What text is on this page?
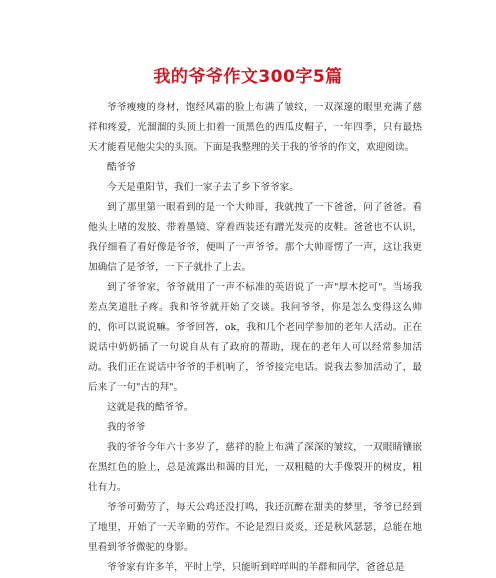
我的爷爷作文300字5篇

爷爷瘦瘦的身材，饱经风霜的脸上布满了皱纹，一双深邃的眼里充满了慈祥和疼爱，光溜溜的头顶上扣着一顶黑色的西瓜皮帽子，一年四季，只有最热天才能看见他尖尖的头顶。下面是我整理的关于我的爷爷的作文，欢迎阅读。

酷爷爷

今天是重阳节，我们一家子去了乡下爷爷家。

到了那里第一眼看到的是一个大帅哥，我就拽了一下爸爸，问了爸爸。看他头上啫的发胶、带着墨镜、穿着西装还有蹭光发亮的皮鞋。爸爸也不认识，我仔细看了看好像是爷爷，便叫了一声爷爷。那个大帅哥愣了一声，这让我更加确信了是爷爷，一下子就扑了上去。

到了爷爷家，爷爷就用了一声不标准的英语说了一声"厚木挖可"。当场我差点笑道肚子疼。我和爷爷就开始了交谈。我问爷爷，你是怎么变得这么帅的，你可以说说嘛。爷爷回答，ok，我和几个老同学参加的老年人活动。正在说话中奶奶插了一句说自从有了政府的帮助，现在的老年人可以经常参加活动。我们正在说话中爷爷的手机响了，爷爷接完电话。说我去参加活动了，最后来了一句"古的拜"。

这就是我的酷爷爷。

我的爷爷

我的爷爷今年六十多岁了，慈祥的脸上布满了深深的皱纹，一双眼睛镶嵌在黑红色的脸上，总是流露出和蔼的目光，一双粗糙的大手像裂开的树皮，粗壮有力。

爷爷可勤劳了，每天公鸡还没打鸣，我还沉醉在甜美的梦里，爷爷已经到了地里，开始了一天辛勤的劳作。不论是烈日炎炎，还是秋风瑟瑟，总能在地里看到爷爷微驼的身影。

爷爷家有许多羊，平时上学，只能听到咩咩叫的羊群和同学，爸爸总是
